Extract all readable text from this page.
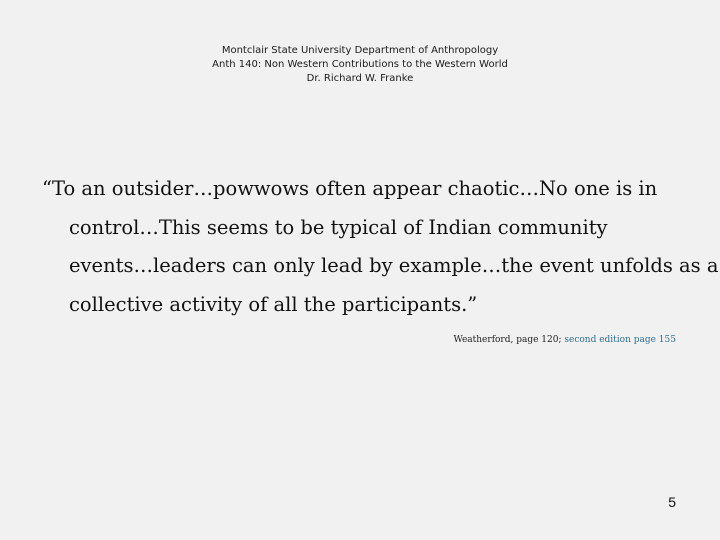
Montclair State University Department of Anthropology
Anth 140: Non Western Contributions to the Western World
Dr. Richard W. Franke
“To an outsider…powwows often appear chaotic…No one is in
control…This seems to be typical of Indian community
events…leaders can only lead by example…the event unfolds as a
collective activity of all the participants.”
Weatherford, page 120; second edition page 155
5
